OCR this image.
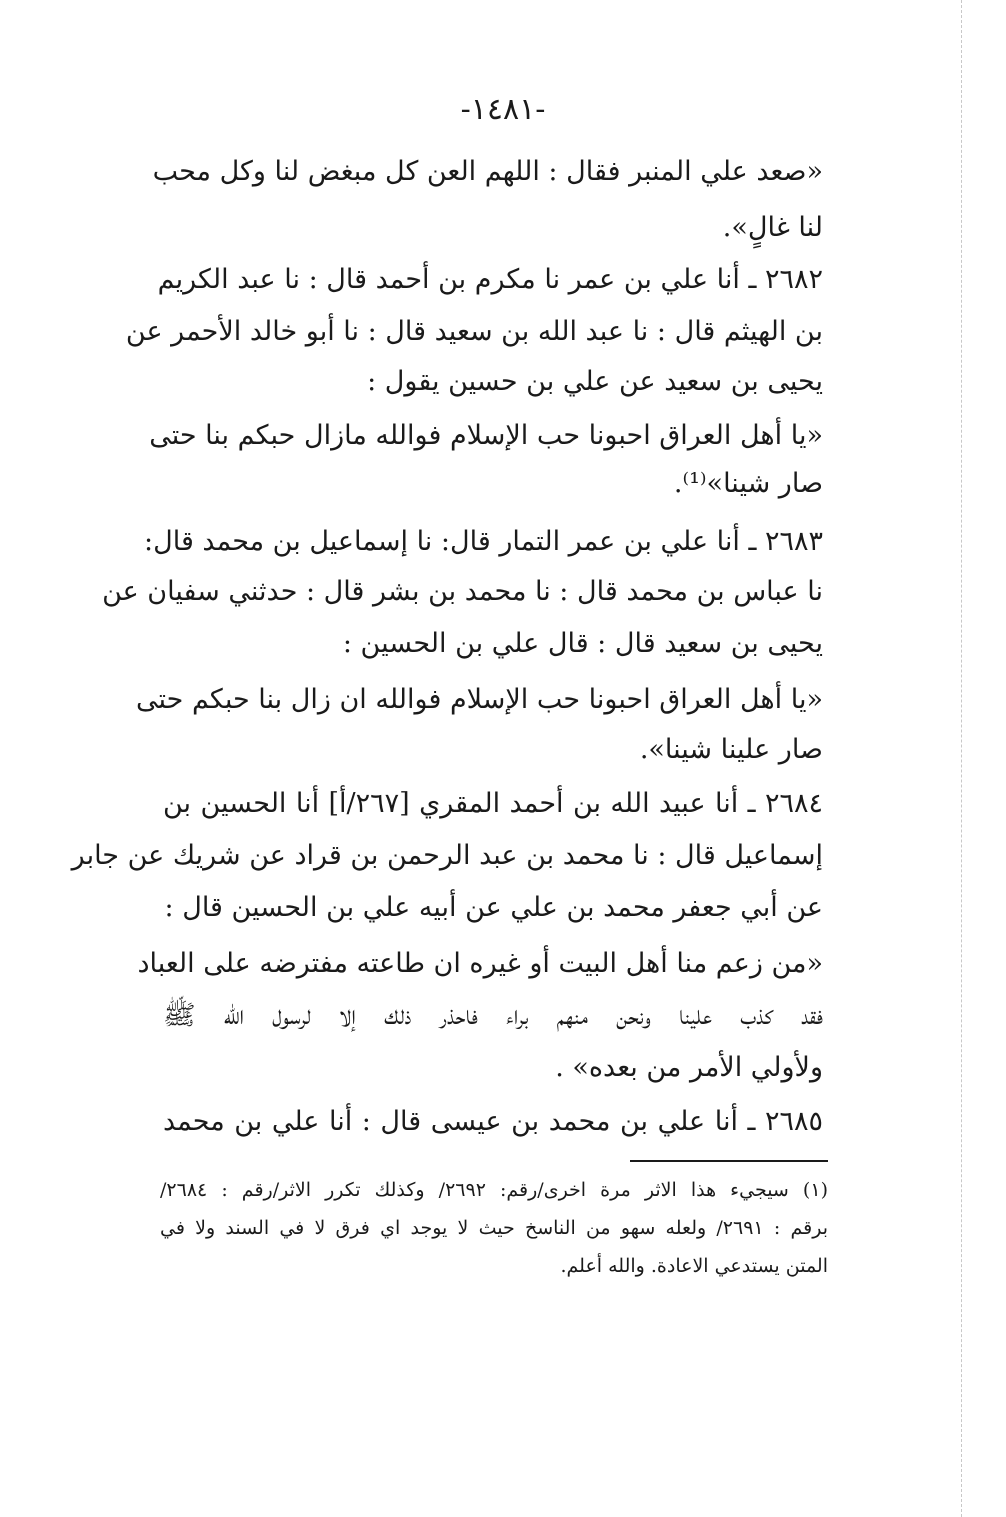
-١٤٨١-
«صعد علي المنبر فقال : اللهم العن كل مبغض لنا وكل محب
لنا غالٍ».
٢٦٨٢ ـ أنا علي بن عمر نا مكرم بن أحمد قال : نا عبد الكريم
بن الهيثم قال : نا عبد الله بن سعيد قال : نا أبو خالد الأحمر عن
يحيى بن سعيد عن علي بن حسين يقول :
«يا أهل العراق احبونا حب الإسلام فوالله مازال حبكم بنا حتى
صار شينا»⁽¹⁾.
٢٦٨٣ ـ أنا علي بن عمر التمار قال: نا إسماعيل بن محمد قال:
نا عباس بن محمد قال : نا محمد بن بشر قال : حدثني سفيان عن
يحيى بن سعيد قال : قال علي بن الحسين :
«يا أهل العراق احبونا حب الإسلام فوالله ان زال بنا حبكم حتى
صار علينا شينا».
٢٦٨٤ ـ أنا عبيد الله بن أحمد المقري [٢٦٧/أ] أنا الحسين بن
إسماعيل قال : نا محمد بن عبد الرحمن بن قراد عن شريك عن جابر
عن أبي جعفر محمد بن علي عن أبيه علي بن الحسين قال :
«من زعم منا أهل البيت أو غيره ان طاعته مفترضه على العباد
فقد كذب علينا ونحن منهم براء فاحذر ذلك إلا لرسول الله ﷺ
ولأولي الأمر من بعده» .
٢٦٨٥ ـ أنا علي بن محمد بن عيسى قال : أنا علي بن محمد
(١) سيجيء هذا الاثر مرة اخرى/رقم: ٢٦٩٢/ وكذلك تكرر الاثر/رقم : ٢٦٨٤/
برقم : ٢٦٩١/ ولعله سهو من الناسخ حيث لا يوجد اي فرق لا في السند ولا في
المتن يستدعي الاعادة. والله أعلم.
